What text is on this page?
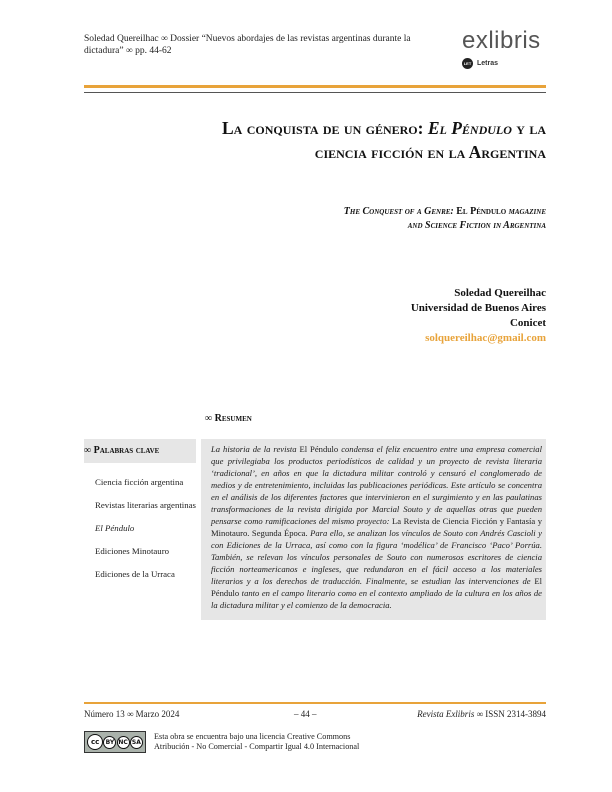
Soledad Quereilhac ∞ Dossier “Nuevos abordajes de las revistas argentinas durante la dictadura” ∞ pp. 44-62	exlibris
LET Letras
La conquista de un género: El Péndulo y la
ciencia ficción en la Argentina
The Conquest of a Genre: El Péndulo magazine
and Science Fiction in Argentina
Soledad Quereilhac
Universidad de Buenos Aires
Conicet
solquereilhac@gmail.com
∞ Resumen
∞ Palabras clave
Ciencia ficción argentina
Revistas literarias argentinas
El Péndulo
Ediciones Minotauro
Ediciones de la Urraca
La historia de la revista El Péndulo condensa el feliz encuentro entre una empresa comercial que privilegiaba los productos periodísticos de calidad y un proyecto de revista literaria ‘tradicional’, en años en que la dictadura militar controló y censuró el conglomerado de medios y de entretenimiento, incluidas las publicaciones periódicas. Este artículo se concentra en el análisis de los diferentes factores que intervinieron en el surgimiento y en las paulatinas transformaciones de la revista dirigida por Marcial Souto y de aquellas otras que pueden pensarse como ramificaciones del mismo proyecto: La Revista de Ciencia Ficción y Fantasía y Minotauro. Segunda Época. Para ello, se analizan los vínculos de Souto con Andrés Cascioli y con Ediciones de la Urraca, así como con la figura ‘modélica’ de Francisco ‘Paco’ Porrúa. También, se relevan los vínculos personales de Souto con numerosos escritores de ciencia ficción norteamericanos e ingleses, que redundaron en el fácil acceso a los materiales literarios y a los derechos de traducción. Finalmente, se estudian las intervenciones de El Péndulo tanto en el campo literario como en el contexto ampliado de la cultura en los años de la dictadura militar y el comienzo de la democracia.
Número 13 ∞ Marzo 2024	– 44 –	Revista Exlibris ∞ ISSN 2314-3894
cc	BY NC SA
Esta obra se encuentra bajo una licencia Creative Commons
Atribución - No Comercial - Compartir Igual 4.0 Internacional
